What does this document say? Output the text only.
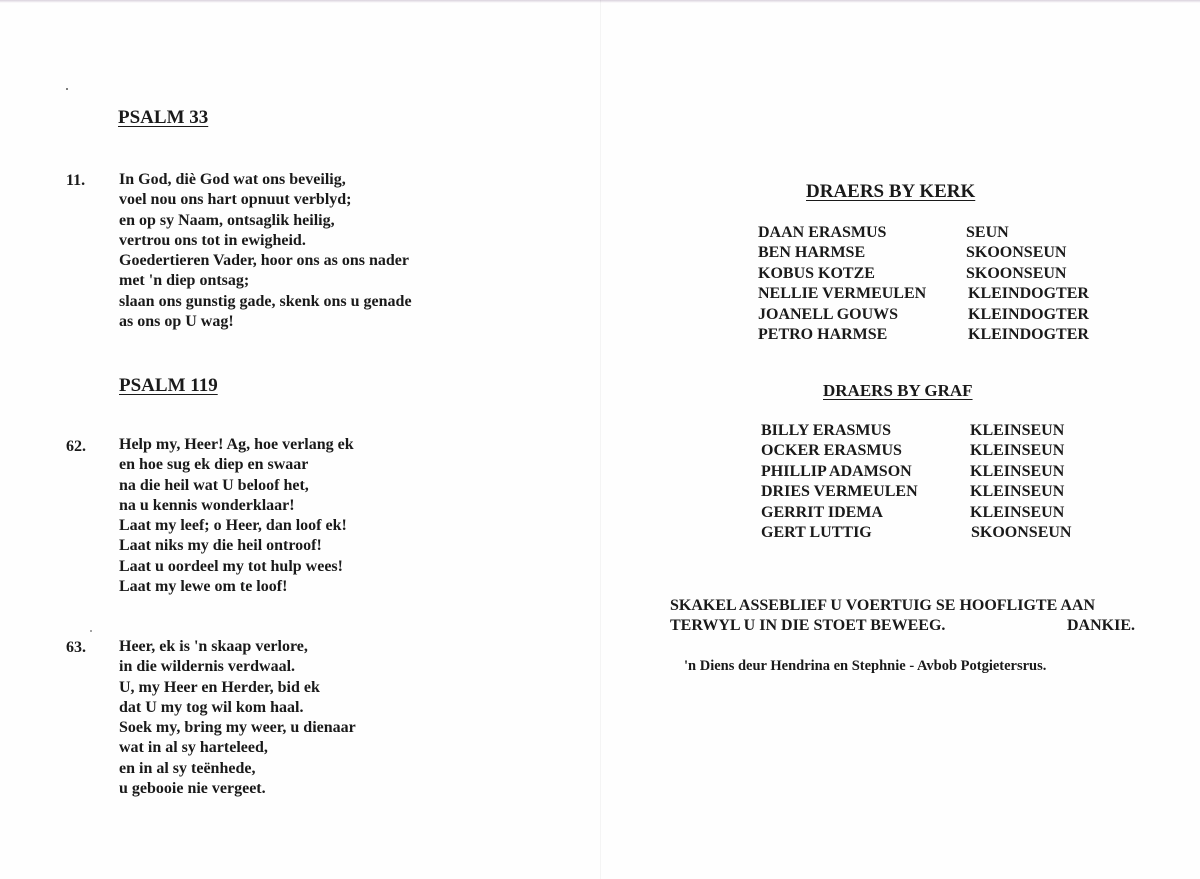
PSALM 33
11. In God, diè God wat ons beveilig,
voel nou ons hart opnuut verblyd;
en op sy Naam, ontsaglik heilig,
vertrou ons tot in ewigheid.
Goedertieren Vader, hoor ons as ons nader
met 'n diep ontsag;
slaan ons gunstig gade, skenk ons u genade
as ons op U wag!
PSALM 119
62. Help my, Heer! Ag, hoe verlang ek
en hoe sug ek diep en swaar
na die heil wat U beloof het,
na u kennis wonderklaar!
Laat my leef; o Heer, dan loof ek!
Laat niks my die heil ontroof!
Laat u oordeel my tot hulp wees!
Laat my lewe om te loof!
63. Heer, ek is 'n skaap verlore,
in die wildernis verdwaal.
U, my Heer en Herder, bid ek
dat U my tog wil kom haal.
Soek my, bring my weer, u dienaar
wat in al sy harteleed,
en in al sy teënhede,
u gebooie nie vergeet.
DRAERS BY KERK
DAAN ERASMUS	SEUN
BEN HARMSE	SKOONSEUN
KOBUS KOTZE	SKOONSEUN
NELLIE VERMEULEN	KLEINDOGTER
JOANELL GOUWS	KLEINDOGTER
PETRO HARMSE	KLEINDOGTER
DRAERS BY GRAF
BILLY ERASMUS	KLEINSEUN
OCKER ERASMUS	KLEINSEUN
PHILLIP ADAMSON	KLEINSEUN
DRIES VERMEULEN	KLEINSEUN
GERRIT IDEMA	KLEINSEUN
GERT LUTTIG	SKOONSEUN
SKAKEL ASSEBLIEF U VOERTUIG SE HOOFLIGTE AAN
TERWYL U IN DIE STOET BEWEEG.	DANKIE.
'n Diens deur Hendrina en Stephnie - Avbob Potgietersrus.
